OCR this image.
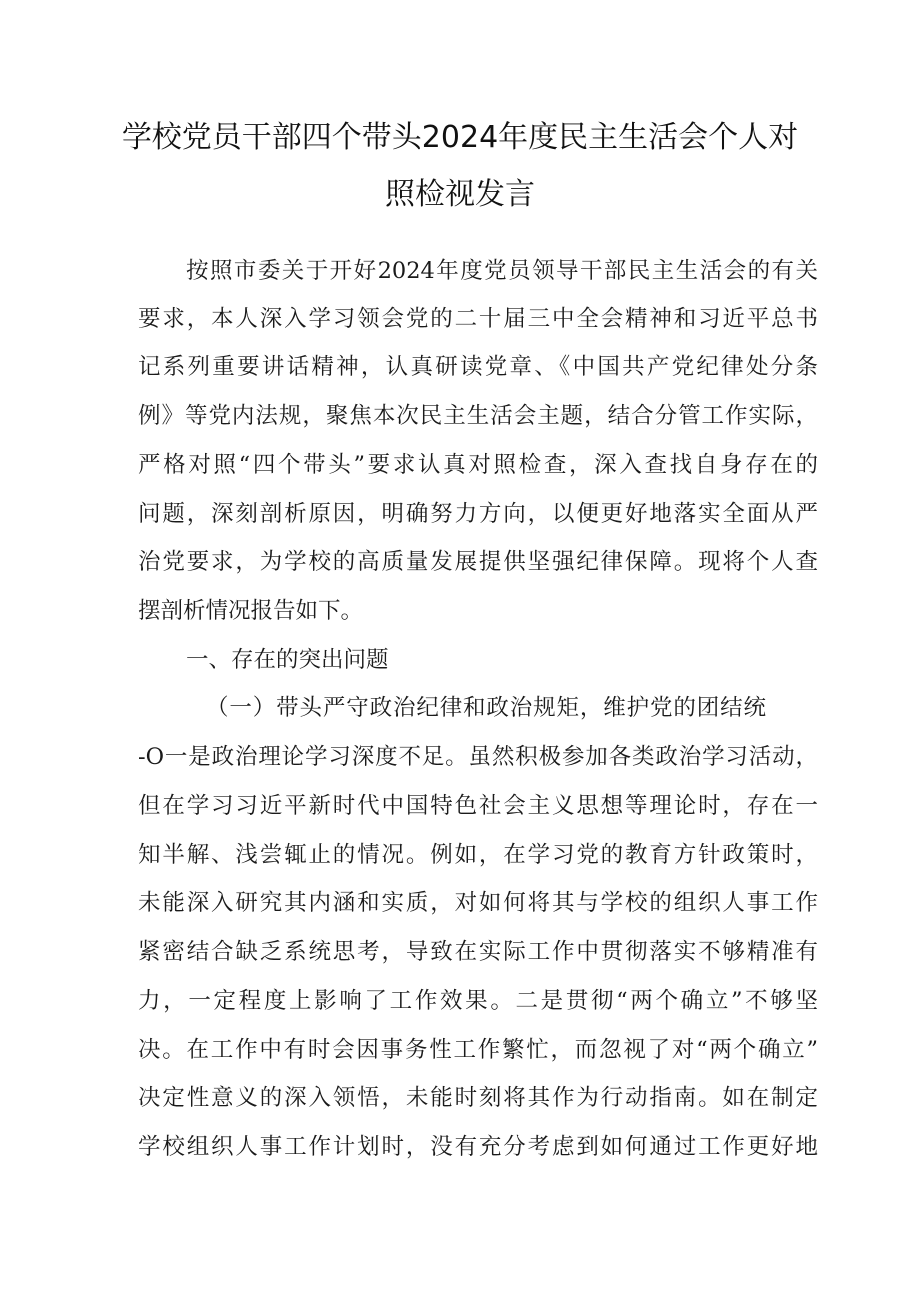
学校党员干部四个带头2024年度民主生活会个人对
照检视发言
按照市委关于开好2024年度党员领导干部民主生活会的有关
要求，本人深入学习领会党的二十届三中全会精神和习近平总书
记系列重要讲话精神，认真研读党章、《中国共产党纪律处分条
例》等党内法规，聚焦本次民主生活会主题，结合分管工作实际，
严格对照“四个带头”要求认真对照检查，深入查找自身存在的
问题，深刻剖析原因，明确努力方向，以便更好地落实全面从严
治党要求，为学校的高质量发展提供坚强纪律保障。现将个人查
摆剖析情况报告如下。
一、存在的突出问题
（一）带头严守政治纪律和政治规矩，维护党的团结统
-O一是政治理论学习深度不足。虽然积极参加各类政治学习活动，
但在学习习近平新时代中国特色社会主义思想等理论时，存在一
知半解、浅尝辄止的情况。例如，在学习党的教育方针政策时，
未能深入研究其内涵和实质，对如何将其与学校的组织人事工作
紧密结合缺乏系统思考，导致在实际工作中贯彻落实不够精准有
力，一定程度上影响了工作效果。二是贯彻“两个确立”不够坚
决。在工作中有时会因事务性工作繁忙，而忽视了对“两个确立”
决定性意义的深入领悟，未能时刻将其作为行动指南。如在制定
学校组织人事工作计划时，没有充分考虑到如何通过工作更好地
